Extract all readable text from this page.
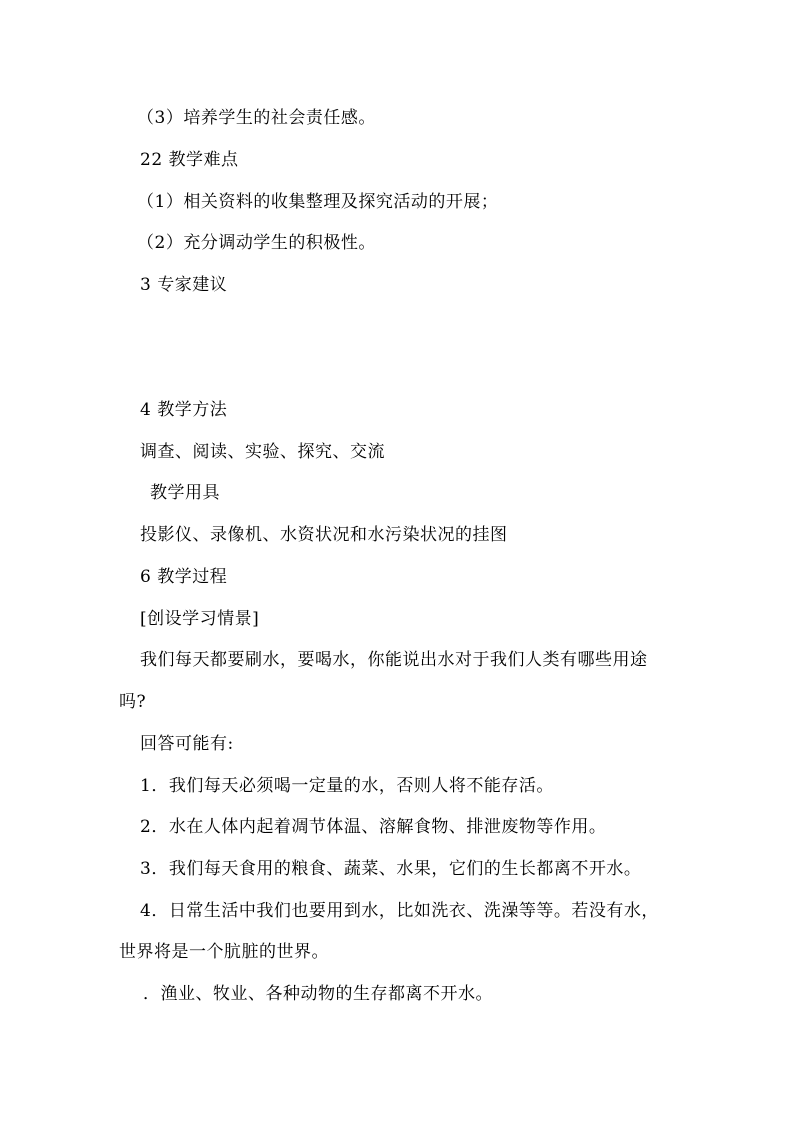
（3）培养学生的社会责任感。
22 教学难点
（1）相关资料的收集整理及探究活动的开展；
（2）充分调动学生的积极性。
3 专家建议
4 教学方法
调查、阅读、实验、探究、交流
教学用具
投影仪、录像机、水资状况和水污染状况的挂图
6 教学过程
[创设学习情景]
我们每天都要刷水，要喝水，你能说出水对于我们人类有哪些用途
吗?
回答可能有:
1．我们每天必须喝一定量的水，否则人将不能存活。
2．水在人体内起着凋节体温、溶解食物、排泄废物等作用。
3．我们每天食用的粮食、蔬菜、水果，它们的生长都离不开水。
4．日常生活中我们也要用到水，比如洗衣、洗澡等等。若没有水，
世界将是一个肮脏的世界。
．渔业、牧业、各种动物的生存都离不开水。
